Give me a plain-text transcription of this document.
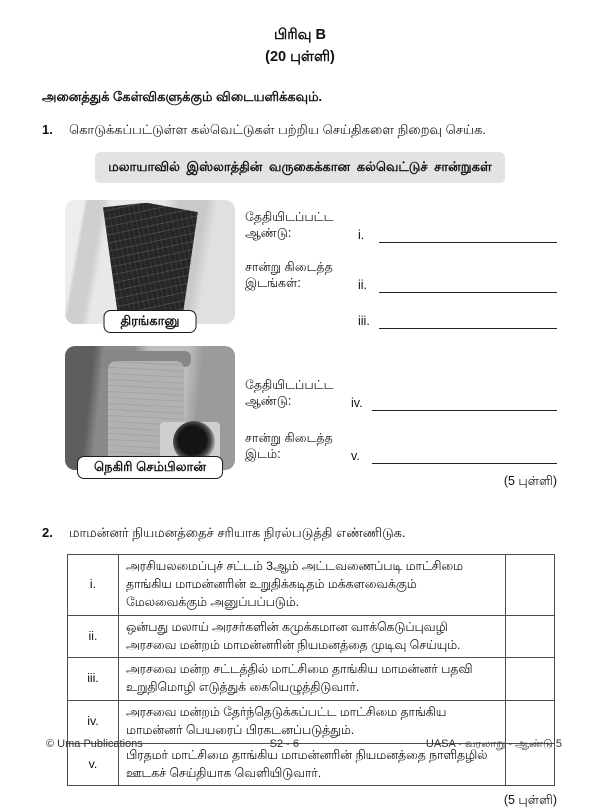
பிரிவு B
(20 புள்ளி)
அனைத்துக் கேள்விகளுக்கும் விடையளிக்கவும்.
1.	கொடுக்கப்பட்டுள்ள கல்வெட்டுகள் பற்றிய செய்திகளை நிறைவு செய்க.
மலாயாவில் இஸ்லாத்தின் வருகைக்கான கல்வெட்டுச் சான்றுகள்
திரங்கானு
தேதியிடப்பட்ட ஆண்டு:	i.
சான்று கிடைத்த இடங்கள்:	ii.
iii.
நெகிரி செம்பிலான்
தேதியிடப்பட்ட ஆண்டு:	iv.
சான்று கிடைத்த இடம்:	v.
(5 புள்ளி)
2.	மாமன்னர் நியமனத்தைச் சரியாக நிரல்படுத்தி எண்ணிடுக.
i.	அரசியலமைப்புச் சட்டம் 3ஆம் அட்டவணைப்படி மாட்சிமை தாங்கிய மாமன்னரின் உறுதிக்கடிதம் மக்களவைக்கும் மேலவைக்கும் அனுப்பப்படும்.	
ii.	ஒன்பது மலாய் அரசர்களின் கமுக்கமான வாக்கெடுப்புவழி அரசவை மன்றம் மாமன்னரின் நியமனத்தை முடிவு செய்யும்.	
iii.	அரசவை மன்ற சட்டத்தில் மாட்சிமை தாங்கிய மாமன்னர் பதவி உறுதிமொழி எடுத்துக் கையெழுத்திடுவார்.	
iv.	அரசவை மன்றம் தேர்ந்தெடுக்கப்பட்ட மாட்சிமை தாங்கிய மாமன்னர் பெயரைப் பிரகடனப்படுத்தும்.	
v.	பிரதமர் மாட்சிமை தாங்கிய மாமன்னரின் நியமனத்தை நாளிதழில் ஊடகச் செய்தியாக வெளியிடுவார்.	
(5 புள்ளி)
© Uma Publications	S2 - 6	UASA - வரலாறு - ஆண்டு 5
